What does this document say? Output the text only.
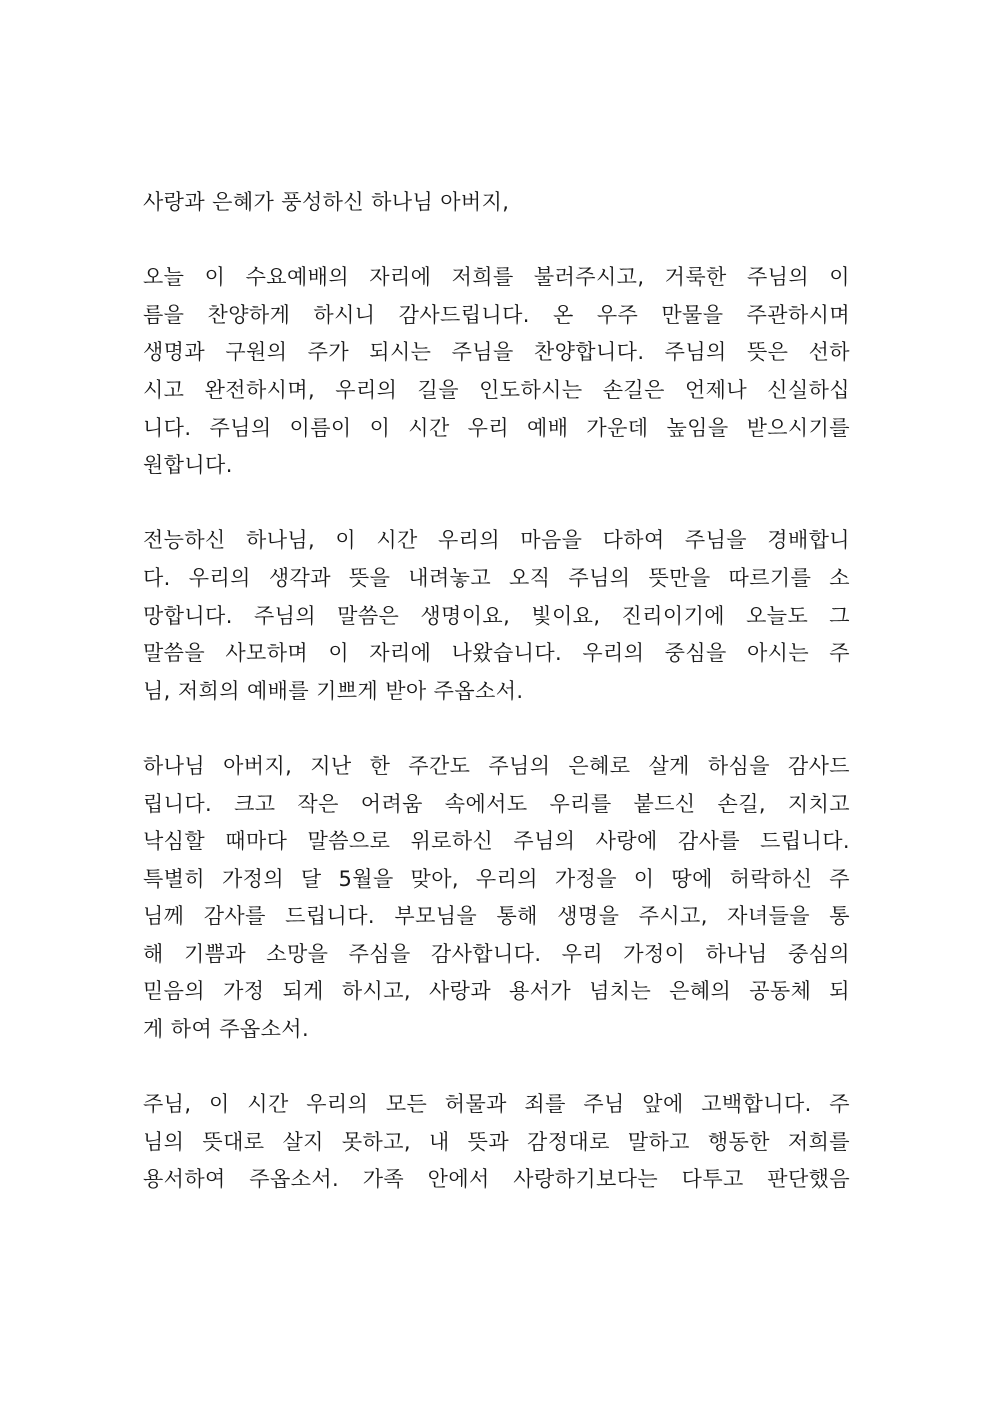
사랑과 은혜가 풍성하신 하나님 아버지,

오늘 이 수요예배의 자리에 저희를 불러주시고, 거룩한 주님의 이
름을 찬양하게 하시니 감사드립니다. 온 우주 만물을 주관하시며
생명과 구원의 주가 되시는 주님을 찬양합니다. 주님의 뜻은 선하
시고 완전하시며, 우리의 길을 인도하시는 손길은 언제나 신실하십
니다. 주님의 이름이 이 시간 우리 예배 가운데 높임을 받으시기를
원합니다.

전능하신 하나님, 이 시간 우리의 마음을 다하여 주님을 경배합니
다. 우리의 생각과 뜻을 내려놓고 오직 주님의 뜻만을 따르기를 소
망합니다. 주님의 말씀은 생명이요, 빛이요, 진리이기에 오늘도 그
말씀을 사모하며 이 자리에 나왔습니다. 우리의 중심을 아시는 주
님, 저희의 예배를 기쁘게 받아 주옵소서.

하나님 아버지, 지난 한 주간도 주님의 은혜로 살게 하심을 감사드
립니다. 크고 작은 어려움 속에서도 우리를 붙드신 손길, 지치고
낙심할 때마다 말씀으로 위로하신 주님의 사랑에 감사를 드립니다.
특별히 가정의 달 5월을 맞아, 우리의 가정을 이 땅에 허락하신 주
님께 감사를 드립니다. 부모님을 통해 생명을 주시고, 자녀들을 통
해 기쁨과 소망을 주심을 감사합니다. 우리 가정이 하나님 중심의
믿음의 가정 되게 하시고, 사랑과 용서가 넘치는 은혜의 공동체 되
게 하여 주옵소서.

주님, 이 시간 우리의 모든 허물과 죄를 주님 앞에 고백합니다. 주
님의 뜻대로 살지 못하고, 내 뜻과 감정대로 말하고 행동한 저희를
용서하여 주옵소서. 가족 안에서 사랑하기보다는 다투고 판단했음
